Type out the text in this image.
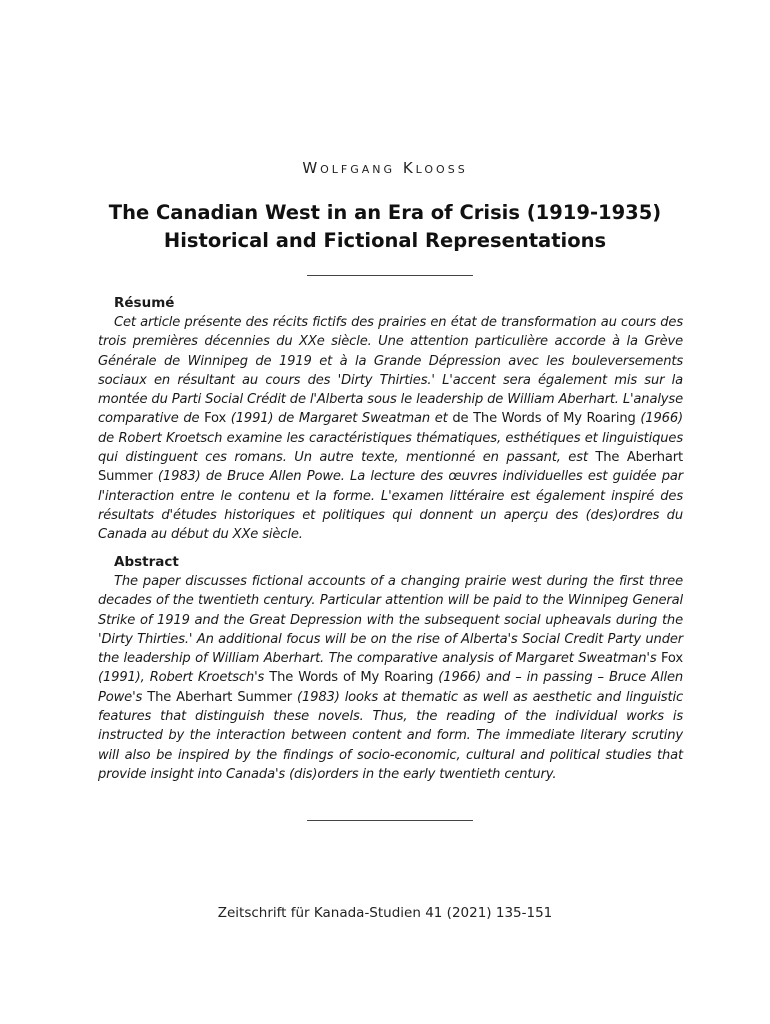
Wolfgang Klooss
The Canadian West in an Era of Crisis (1919-1935)
Historical and Fictional Representations
Résumé
Cet article présente des récits fictifs des prairies en état de transformation au cours des trois premières décennies du XXe siècle. Une attention particulière accorde à la Grève Générale de Winnipeg de 1919 et à la Grande Dépression avec les bouleversements sociaux en résultant au cours des 'Dirty Thirties.' L'accent sera également mis sur la montée du Parti Social Crédit de l'Alberta sous le leadership de William Aberhart. L'analyse comparative de Fox (1991) de Margaret Sweatman et de The Words of My Roaring (1966) de Robert Kroetsch examine les caractéristiques thématiques, esthétiques et linguistiques qui distinguent ces romans. Un autre texte, mentionné en passant, est The Aberhart Summer (1983) de Bruce Allen Powe. La lecture des œuvres individuelles est guidée par l'interaction entre le contenu et la forme. L'examen littéraire est également inspiré des résultats d'études historiques et politiques qui donnent un aperçu des (des)ordres du Canada au début du XXe siècle.
Abstract
The paper discusses fictional accounts of a changing prairie west during the first three decades of the twentieth century. Particular attention will be paid to the Winnipeg General Strike of 1919 and the Great Depression with the subsequent social upheavals during the 'Dirty Thirties.' An additional focus will be on the rise of Alberta's Social Credit Party under the leadership of William Aberhart. The comparative analysis of Margaret Sweatman's Fox (1991), Robert Kroetsch's The Words of My Roaring (1966) and – in passing – Bruce Allen Powe's The Aberhart Summer (1983) looks at thematic as well as aesthetic and linguistic features that distinguish these novels. Thus, the reading of the individual works is instructed by the interaction between content and form. The immediate literary scrutiny will also be inspired by the findings of socio-economic, cultural and political studies that provide insight into Canada's (dis)orders in the early twentieth century.
Zeitschrift für Kanada-Studien 41 (2021) 135-151
